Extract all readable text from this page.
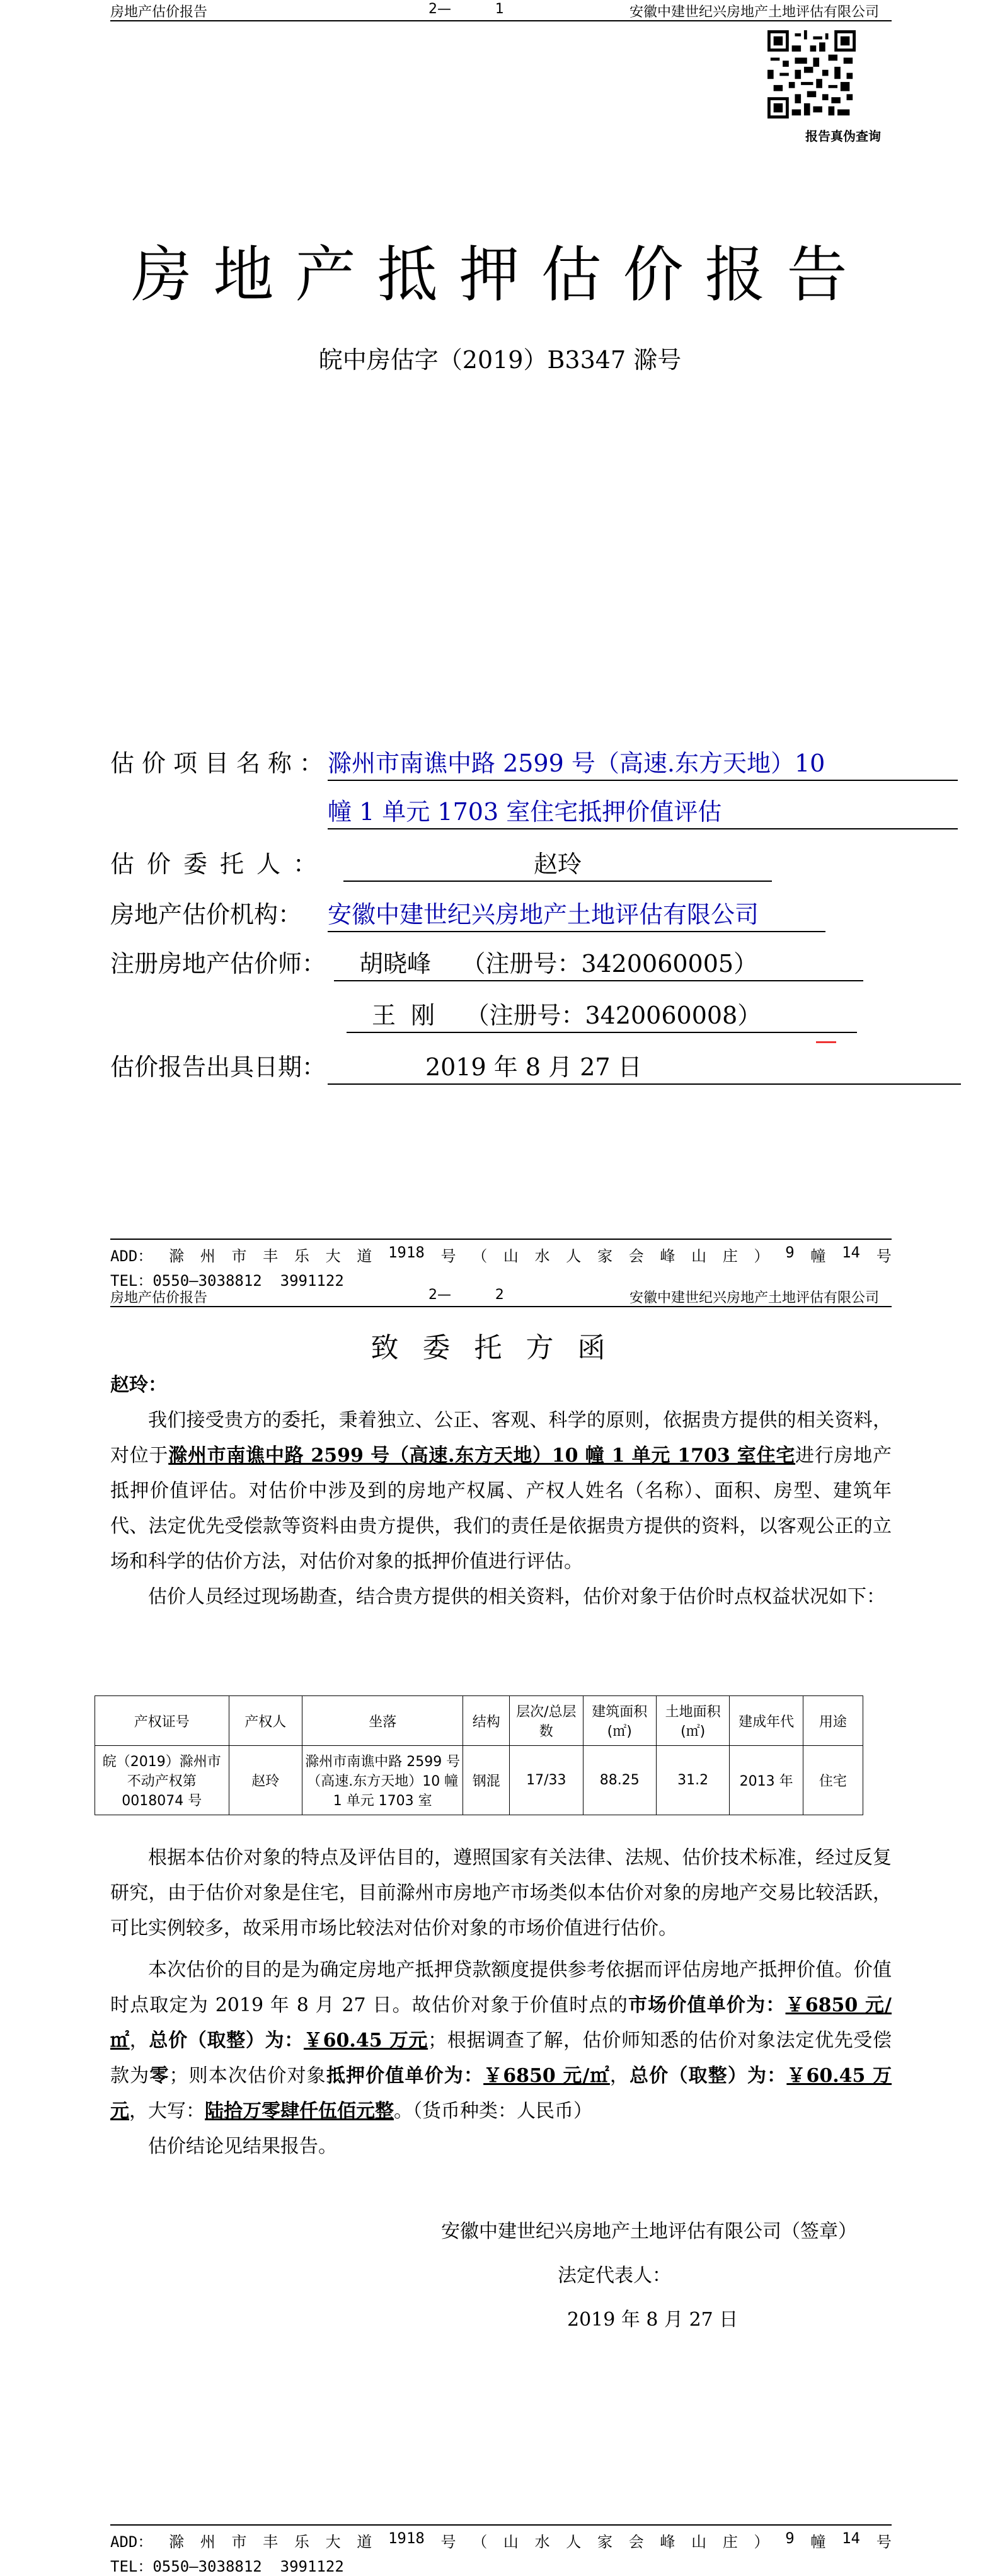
房地产估价报告	2—          1	安徽中建世纪兴房地产土地评估有限公司
报告真伪查询
房地产抵押估价报告
皖中房估字（2019）B3347 滁号
估价项目名称：
滁州市南谯中路 2599 号（高速.东方天地）10
幢 1 单元 1703 室住宅抵押价值评估
估价委托人：	赵玲
房地产估价机构： 安徽中建世纪兴房地产土地评估有限公司
注册房地产估价师：	胡晓峰    （注册号：3420060005）
王  刚    （注册号：3420060008）
估价报告出具日期：	2019 年 8 月 27 日
ADD： 滁 州 市 丰 乐 大 道 1918 号 （ 山 水 人 家 会 峰 山 庄 ） 9 幢 14 号
TEL：0550—3038812  3991122
房地产估价报告	2—          2	安徽中建世纪兴房地产土地评估有限公司
致委托方函

赵玲：

我们接受贵方的委托，秉着独立、公正、客观、科学的原则，依据贵方提供的相关资料，对位于滁州市南谯中路 2599 号（高速.东方天地）10 幢 1 单元 1703 室住宅进行房地产抵押价值评估。对估价中涉及到的房地产权属、产权人姓名（名称）、面积、房型、建筑年代、法定优先受偿款等资料由贵方提供，我们的责任是依据贵方提供的资料，以客观公正的立场和科学的估价方法，对估价对象的抵押价值进行评估。

估价人员经过现场勘查，结合贵方提供的相关资料，估价对象于估价时点权益状况如下：

产权证号	产权人	坐落	结构	层次/总层数	建筑面积(㎡)	土地面积(㎡)	建成年代	用途
皖（2019）滁州市不动产权第0018074 号	赵玲	滁州市南谯中路 2599 号（高速.东方天地）10 幢 1 单元 1703 室	钢混	17/33	88.25	31.2	2013 年	住宅

根据本估价对象的特点及评估目的，遵照国家有关法律、法规、估价技术标准，经过反复研究，由于估价对象是住宅，目前滁州市房地产市场类似本估价对象的房地产交易比较活跃，可比实例较多，故采用市场比较法对估价对象的市场价值进行估价。

本次估价的目的是为确定房地产抵押贷款额度提供参考依据而评估房地产抵押价值。价值时点取定为 2019 年 8 月 27 日。故估价对象于价值时点的市场价值单价为：￥6850 元/㎡，总价（取整）为：￥60.45 万元；根据调查了解，估价师知悉的估价对象法定优先受偿款为零；则本次估价对象抵押价值单价为：￥6850 元/㎡，总价（取整）为：￥60.45 万元，大写：陆拾万零肆仟伍佰元整。（货币种类：人民币）

估价结论见结果报告。

安徽中建世纪兴房地产土地评估有限公司（签章）
法定代表人：
2019 年 8 月 27 日
ADD： 滁 州 市 丰 乐 大 道 1918 号 （ 山 水 人 家 会 峰 山 庄 ） 9 幢 14 号
TEL：0550—3038812  3991122
